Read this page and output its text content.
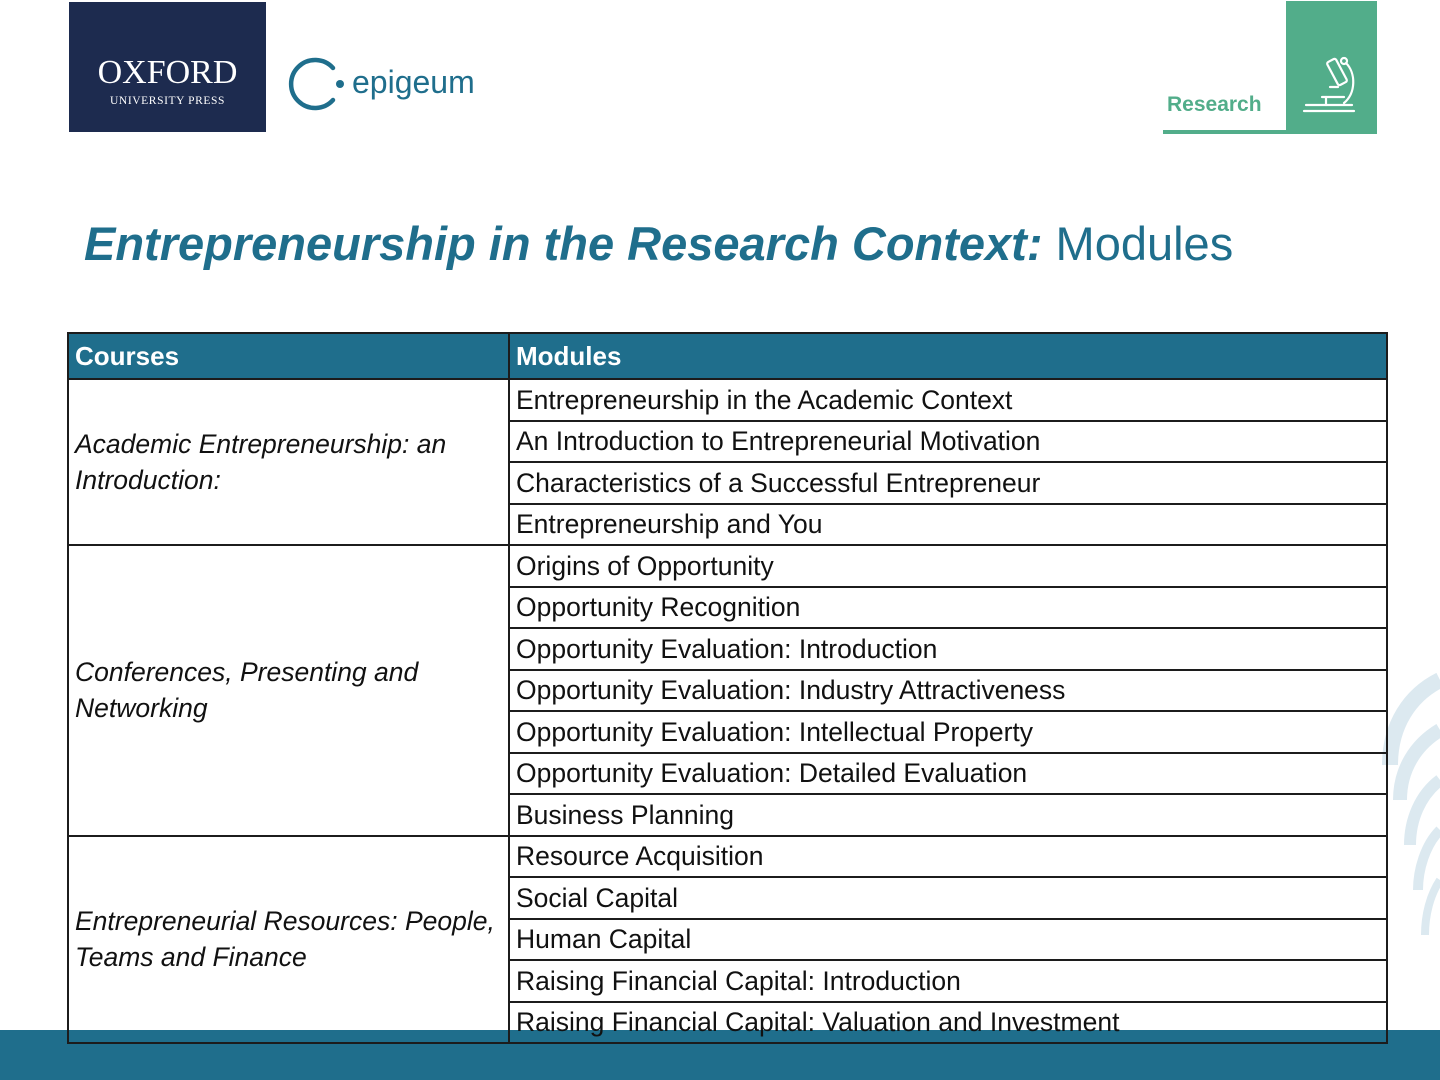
OXFORD
UNIVERSITY PRESS
epigeum
Research
Entrepreneurship in the Research Context: Modules
Courses	Modules
Academic Entrepreneurship: an Introduction:	Entrepreneurship in the Academic Context
	An Introduction to Entrepreneurial Motivation
	Characteristics of a Successful Entrepreneur
	Entrepreneurship and You
Conferences, Presenting and Networking	Origins of Opportunity
	Opportunity Recognition
	Opportunity Evaluation: Introduction
	Opportunity Evaluation: Industry Attractiveness
	Opportunity Evaluation: Intellectual Property
	Opportunity Evaluation: Detailed Evaluation
	Business Planning
Entrepreneurial Resources: People, Teams and Finance	Resource Acquisition
	Social Capital
	Human Capital
	Raising Financial Capital: Introduction
	Raising Financial Capital: Valuation and Investment
